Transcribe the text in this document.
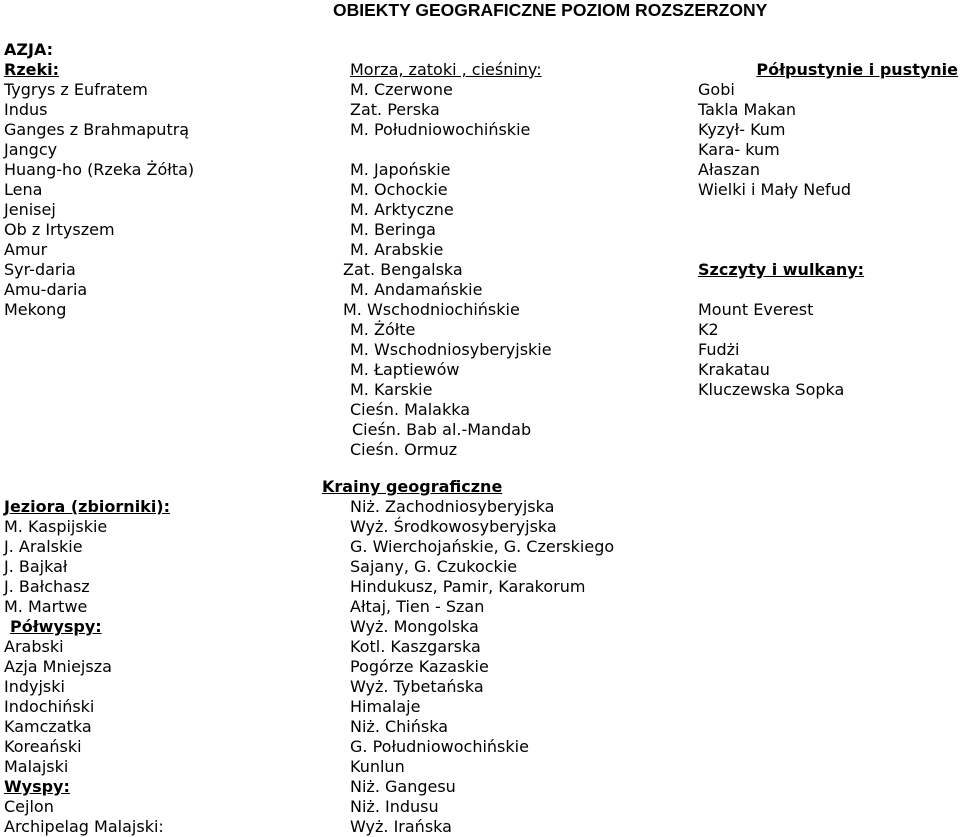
OBIEKTY GEOGRAFICZNE POZIOM ROZSZERZONY
AZJA:
Rzeki:
Tygrys z Eufratem
Indus
Ganges z Brahmaputrą
Jangcy
Huang-ho (Rzeka Żółta)
Lena
Jenisej
Ob z Irtyszem
Amur
Syr-daria
Amu-daria
Mekong
Morza, zatoki , cieśniny:
M. Czerwone
Zat. Perska
M. Południowochińskie
M. Japońskie
M. Ochockie
M. Arktyczne
M. Beringa
M. Arabskie
Zat. Bengalska
M. Andamańskie
M. Wschodniochińskie
M. Żółte
M. Wschodniosyberyjskie
M. Łaptiewów
M. Karskie
Cieśn. Malakka
Cieśn. Bab al.-Mandab
Cieśn. Ormuz
Półpustynie i pustynie
Gobi
Takla Makan
Kyzył- Kum
Kara- kum
Ałaszan
Wielki i Mały Nefud
Szczyty i wulkany:
Mount Everest
K2
Fudżi
Krakatau
Kluczewska Sopka
Krainy geograficzne
Niż. Zachodniosyberyjska
Wyż. Środkowosyberyjska
G. Wierchojańskie, G. Czerskiego
Sajany, G. Czukockie
Hindukusz, Pamir, Karakorum
Ałtaj, Tien - Szan
Wyż. Mongolska
Kotl. Kaszgarska
Pogórze Kazaskie
Wyż. Tybetańska
Himalaje
Niż. Chińska
G. Południowochińskie
Kunlun
Niż. Gangesu
Niż. Indusu
Wyż. Irańska
Jeziora (zbiorniki):
M. Kaspijskie
J. Aralskie
J. Bajkał
J. Bałchasz
M. Martwe
Półwyspy:
Arabski
Azja Mniejsza
Indyjski
Indochiński
Kamczatka
Koreański
Malajski
Wyspy:
Cejlon
Archipelag Malajski:
